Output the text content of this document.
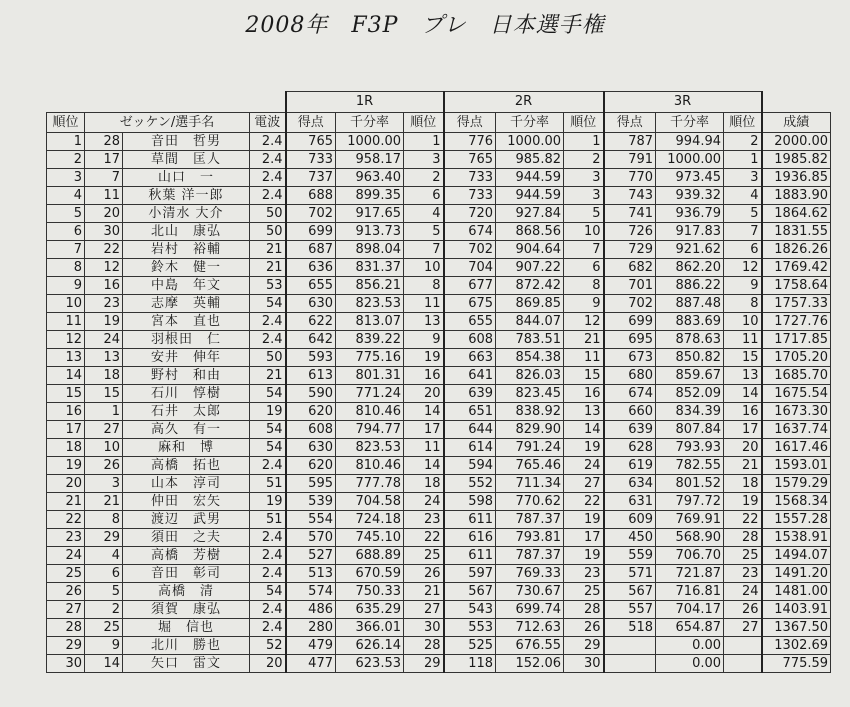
2008年　F3P　プレ　日本選手権
				1R			2R			3R			
順位	ゼッケン/選手名		電波	得点	千分率	順位	得点	千分率	順位	得点	千分率	順位	成績
1	28	音田　哲男	2.4	765	1000.00	1	776	1000.00	1	787	994.94	2	2000.00
2	17	草間　匡人	2.4	733	958.17	3	765	985.82	2	791	1000.00	1	1985.82
3	7	山口　一	2.4	737	963.40	2	733	944.59	3	770	973.45	3	1936.85
4	11	秋葉 洋一郎	2.4	688	899.35	6	733	944.59	3	743	939.32	4	1883.90
5	20	小清水 大介	50	702	917.65	4	720	927.84	5	741	936.79	5	1864.62
6	30	北山　康弘	50	699	913.73	5	674	868.56	10	726	917.83	7	1831.55
7	22	岩村　裕輔	21	687	898.04	7	702	904.64	7	729	921.62	6	1826.26
8	12	鈴木　健一	21	636	831.37	10	704	907.22	6	682	862.20	12	1769.42
9	16	中島　年文	53	655	856.21	8	677	872.42	8	701	886.22	9	1758.64
10	23	志摩　英輔	54	630	823.53	11	675	869.85	9	702	887.48	8	1757.33
11	19	宮本　直也	2.4	622	813.07	13	655	844.07	12	699	883.69	10	1727.76
12	24	羽根田　仁	2.4	642	839.22	9	608	783.51	21	695	878.63	11	1717.85
13	13	安井　伸年	50	593	775.16	19	663	854.38	11	673	850.82	15	1705.20
14	18	野村　和由	21	613	801.31	16	641	826.03	15	680	859.67	13	1685.70
15	15	石川　惇樹	54	590	771.24	20	639	823.45	16	674	852.09	14	1675.54
16	1	石井　太郎	19	620	810.46	14	651	838.92	13	660	834.39	16	1673.30
17	27	高久　有一	54	608	794.77	17	644	829.90	14	639	807.84	17	1637.74
18	10	麻和　博	54	630	823.53	11	614	791.24	19	628	793.93	20	1617.46
19	26	高橋　拓也	2.4	620	810.46	14	594	765.46	24	619	782.55	21	1593.01
20	3	山本　淳司	51	595	777.78	18	552	711.34	27	634	801.52	18	1579.29
21	21	仲田　宏矢	19	539	704.58	24	598	770.62	22	631	797.72	19	1568.34
22	8	渡辺　武男	51	554	724.18	23	611	787.37	19	609	769.91	22	1557.28
23	29	須田　之夫	2.4	570	745.10	22	616	793.81	17	450	568.90	28	1538.91
24	4	高橋　芳樹	2.4	527	688.89	25	611	787.37	19	559	706.70	25	1494.07
25	6	音田　彰司	2.4	513	670.59	26	597	769.33	23	571	721.87	23	1491.20
26	5	高橋　清	54	574	750.33	21	567	730.67	25	567	716.81	24	1481.00
27	2	須賀　康弘	2.4	486	635.29	27	543	699.74	28	557	704.17	26	1403.91
28	25	堀　信也	2.4	280	366.01	30	553	712.63	26	518	654.87	27	1367.50
29	9	北川　勝也	52	479	626.14	28	525	676.55	29		0.00		1302.69
30	14	矢口　雷文	20	477	623.53	29	118	152.06	30		0.00		775.59
